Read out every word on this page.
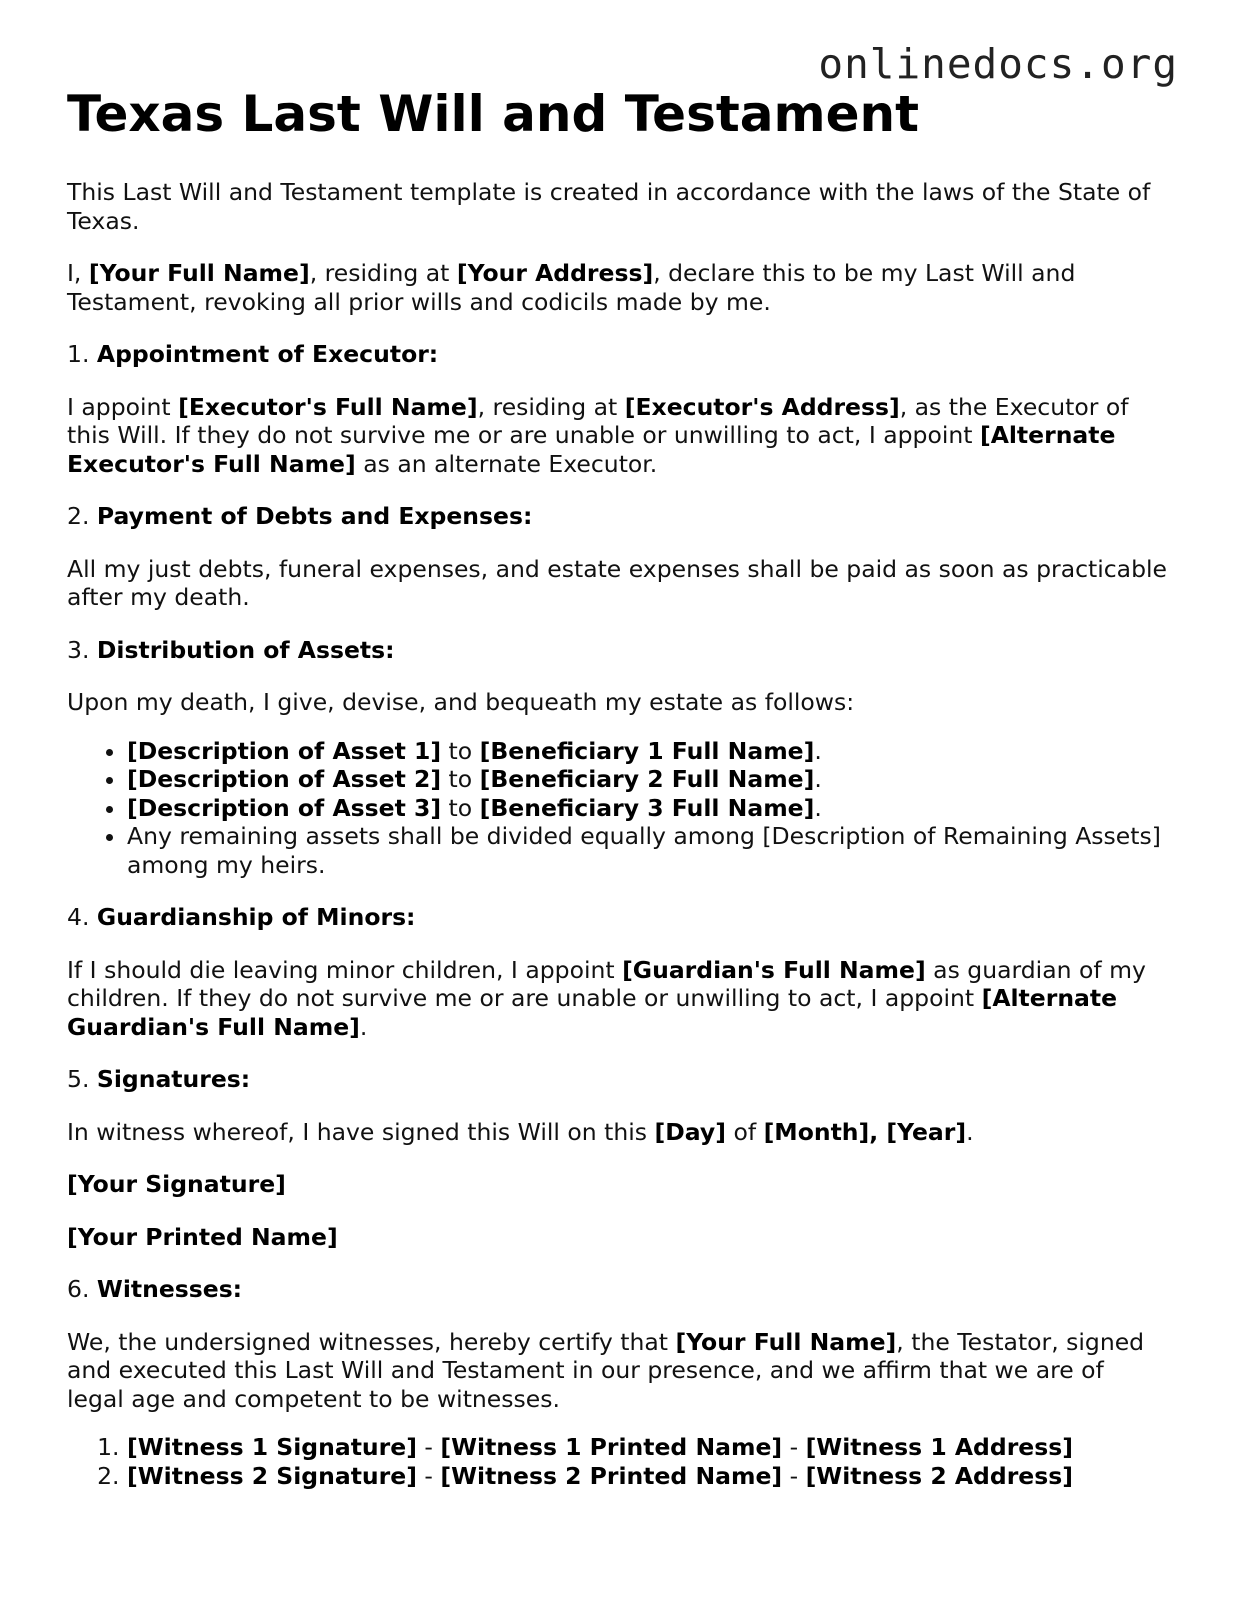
onlinedocs.org
Texas Last Will and Testament

This Last Will and Testament template is created in accordance with the laws of the State of Texas.

I, [Your Full Name], residing at [Your Address], declare this to be my Last Will and Testament, revoking all prior wills and codicils made by me.

1. Appointment of Executor:

I appoint [Executor's Full Name], residing at [Executor's Address], as the Executor of this Will. If they do not survive me or are unable or unwilling to act, I appoint [Alternate Executor's Full Name] as an alternate Executor.

2. Payment of Debts and Expenses:

All my just debts, funeral expenses, and estate expenses shall be paid as soon as practicable after my death.

3. Distribution of Assets:

Upon my death, I give, devise, and bequeath my estate as follows:

• [Description of Asset 1] to [Beneficiary 1 Full Name].
• [Description of Asset 2] to [Beneficiary 2 Full Name].
• [Description of Asset 3] to [Beneficiary 3 Full Name].
• Any remaining assets shall be divided equally among [Description of Remaining Assets] among my heirs.
4. Guardianship of Minors:

If I should die leaving minor children, I appoint [Guardian's Full Name] as guardian of my children. If they do not survive me or are unable or unwilling to act, I appoint [Alternate Guardian's Full Name].

5. Signatures:

In witness whereof, I have signed this Will on this [Day] of [Month], [Year].

[Your Signature]

[Your Printed Name]

6. Witnesses:

We, the undersigned witnesses, hereby certify that [Your Full Name], the Testator, signed and executed this Last Will and Testament in our presence, and we affirm that we are of legal age and competent to be witnesses.

1. [Witness 1 Signature] - [Witness 1 Printed Name] - [Witness 1 Address]
2. [Witness 2 Signature] - [Witness 2 Printed Name] - [Witness 2 Address]
